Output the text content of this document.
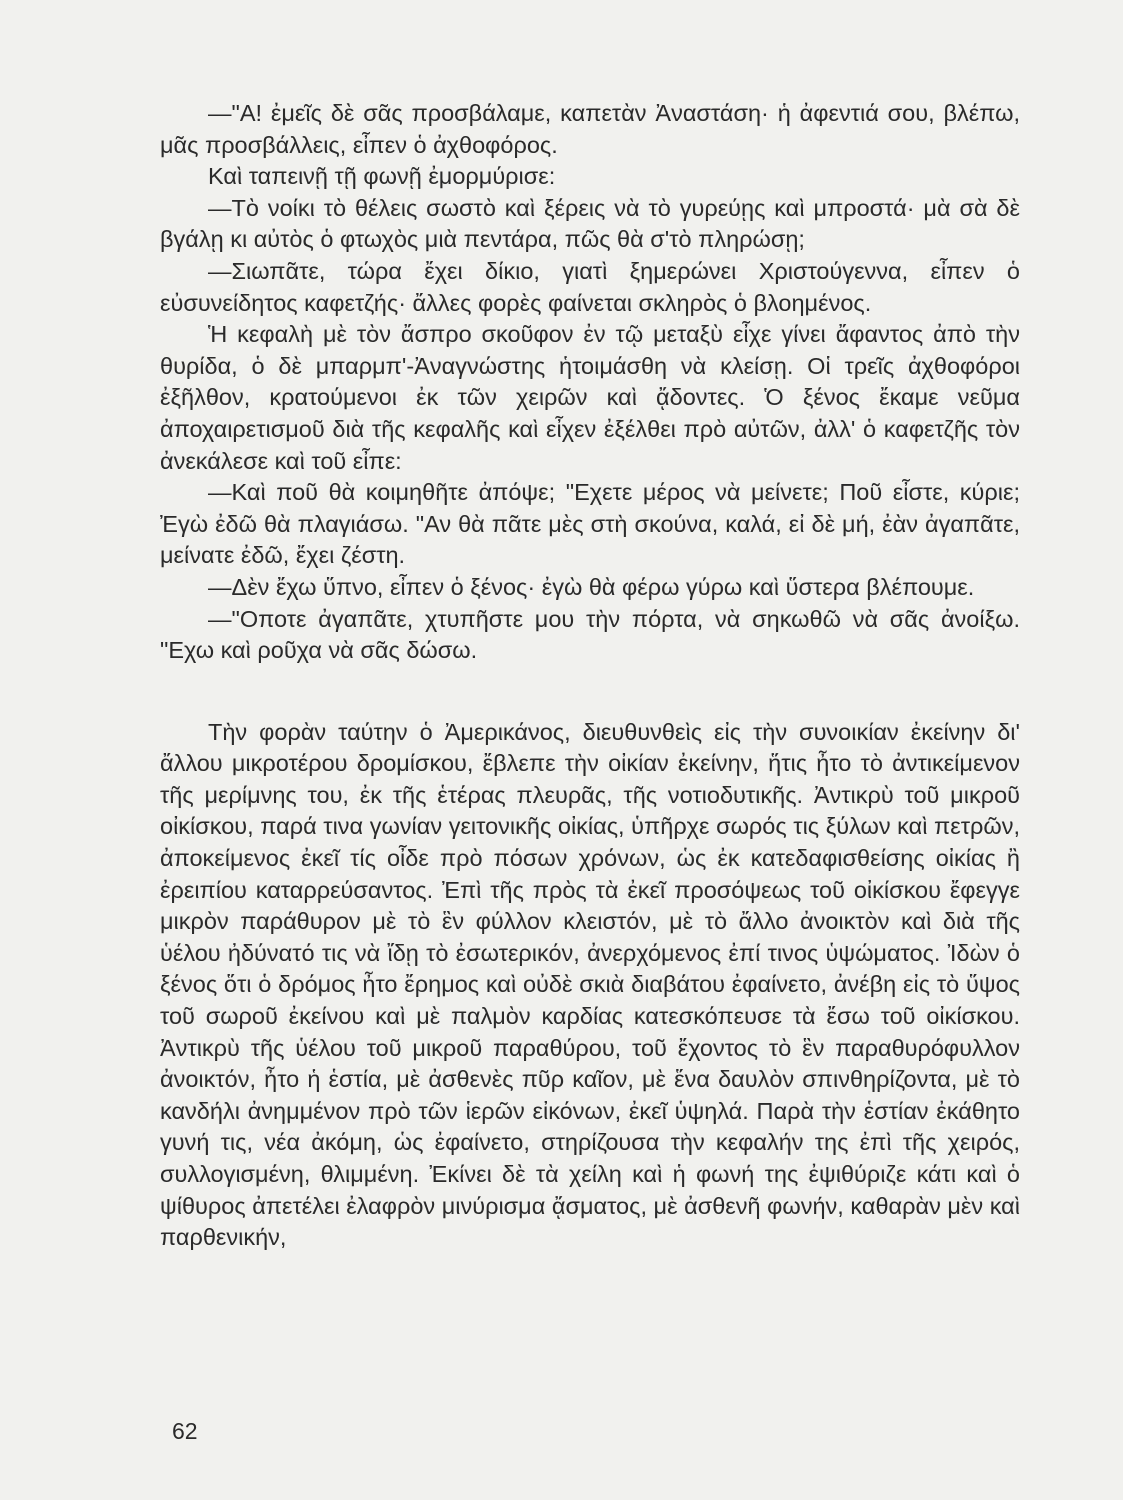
—"Α! ἐμεῖς δὲ σᾶς προσβάλαμε, καπετὰν Ἀναστάση· ἡ ἀφεντιά σου, βλέπω, μᾶς προσβάλλεις, εἶπεν ὁ ἀχθοφόρος.

Καὶ ταπεινῇ τῇ φωνῇ ἐμορμύρισε:

—Τὸ νοίκι τὸ θέλεις σωστὸ καὶ ξέρεις νὰ τὸ γυρεύῃς καὶ μπροστά· μὰ σὰ δὲ βγάλῃ κι αὐτὸς ὁ φτωχὸς μιὰ πεντάρα, πῶς θὰ σ'τὸ πληρώσῃ;

—Σιωπᾶτε, τώρα ἔχει δίκιο, γιατὶ ξημερώνει Χριστούγεννα, εἶπεν ὁ εὐσυνείδητος καφετζής· ἄλλες φορὲς φαίνεται σκληρὸς ὁ βλοημένος.

Ἡ κεφαλὴ μὲ τὸν ἄσπρο σκοῦφον ἐν τῷ μεταξὺ εἶχε γίνει ἄφαντος ἀπὸ τὴν θυρίδα, ὁ δὲ μπαρμπ'-Ἀναγνώστης ἡτοιμάσθη νὰ κλείσῃ. Οἱ τρεῖς ἀχθοφόροι ἐξῆλθον, κρατούμενοι ἐκ τῶν χειρῶν καὶ ᾄδοντες. Ὁ ξένος ἔκαμε νεῦμα ἀποχαιρετισμοῦ διὰ τῆς κεφαλῆς καὶ εἶχεν ἐξέλθει πρὸ αὐτῶν, ἀλλ' ὁ καφετζῆς τὸν ἀνεκάλεσε καὶ τοῦ εἶπε:

—Καὶ ποῦ θὰ κοιμηθῆτε ἀπόψε; "Εχετε μέρος νὰ μείνετε; Ποῦ εἶστε, κύριε; Ἐγὼ ἐδῶ θὰ πλαγιάσω. "Αν θὰ πᾶτε μὲς στὴ σκούνα, καλά, εἰ δὲ μή, ἐὰν ἀγαπᾶτε, μείνατε ἐδῶ, ἔχει ζέστη.

—Δὲν ἔχω ὕπνο, εἶπεν ὁ ξένος· ἐγὼ θὰ φέρω γύρω καὶ ὕστερα βλέπουμε.

—"Οποτε ἀγαπᾶτε, χτυπῆστε μου τὴν πόρτα, νὰ σηκωθῶ νὰ σᾶς ἀνοίξω. "Εχω καὶ ροῦχα νὰ σᾶς δώσω.

Τὴν φορὰν ταύτην ὁ Ἀμερικάνος, διευθυνθεὶς εἰς τὴν συνοικίαν ἐκείνην δι' ἄλλου μικροτέρου δρομίσκου, ἔβλεπε τὴν οἰκίαν ἐκείνην, ἥτις ἦτο τὸ ἀντικείμενον τῆς μερίμνης του, ἐκ τῆς ἑτέρας πλευρᾶς, τῆς νοτιοδυτικῆς. Ἀντικρὺ τοῦ μικροῦ οἰκίσκου, παρά τινα γωνίαν γειτονικῆς οἰκίας, ὑπῆρχε σωρός τις ξύλων καὶ πετρῶν, ἀποκείμενος ἐκεῖ τίς οἶδε πρὸ πόσων χρόνων, ὡς ἐκ κατεδαφισθείσης οἰκίας ἢ ἐρειπίου καταρρεύσαντος. Ἐπὶ τῆς πρὸς τὰ ἐκεῖ προσόψεως τοῦ οἰκίσκου ἔφεγγε μικρὸν παράθυρον μὲ τὸ ἓν φύλλον κλειστόν, μὲ τὸ ἄλλο ἀνοικτὸν καὶ διὰ τῆς ὑέλου ἠδύνατό τις νὰ ἴδῃ τὸ ἐσωτερικόν, ἀνερχόμενος ἐπί τινος ὑψώματος. Ἰδὼν ὁ ξένος ὅτι ὁ δρόμος ἦτο ἔρημος καὶ οὐδὲ σκιὰ διαβάτου ἐφαίνετο, ἀνέβη εἰς τὸ ὕψος τοῦ σωροῦ ἐκείνου καὶ μὲ παλμὸν καρδίας κατεσκόπευσε τὰ ἔσω τοῦ οἰκίσκου. Ἀντικρὺ τῆς ὑέλου τοῦ μικροῦ παραθύρου, τοῦ ἔχοντος τὸ ἓν παραθυρόφυλλον ἀνοικτόν, ἦτο ἡ ἑστία, μὲ ἀσθενὲς πῦρ καῖον, μὲ ἕνα δαυλὸν σπινθηρίζοντα, μὲ τὸ κανδήλι ἀνημμένον πρὸ τῶν ἱερῶν εἰκόνων, ἐκεῖ ὑψηλά. Παρὰ τὴν ἑστίαν ἐκάθητο γυνή τις, νέα ἀκόμη, ὡς ἐφαίνετο, στηρίζουσα τὴν κεφαλήν της ἐπὶ τῆς χειρός, συλλογισμένη, θλιμμένη. Ἐκίνει δὲ τὰ χείλη καὶ ἡ φωνή της ἐψιθύριζε κάτι καὶ ὁ ψίθυρος ἀπετέλει ἐλαφρὸν μινύρισμα ᾄσματος, μὲ ἀσθενῆ φωνήν, καθαρὰν μὲν καὶ παρθενικήν,

62
